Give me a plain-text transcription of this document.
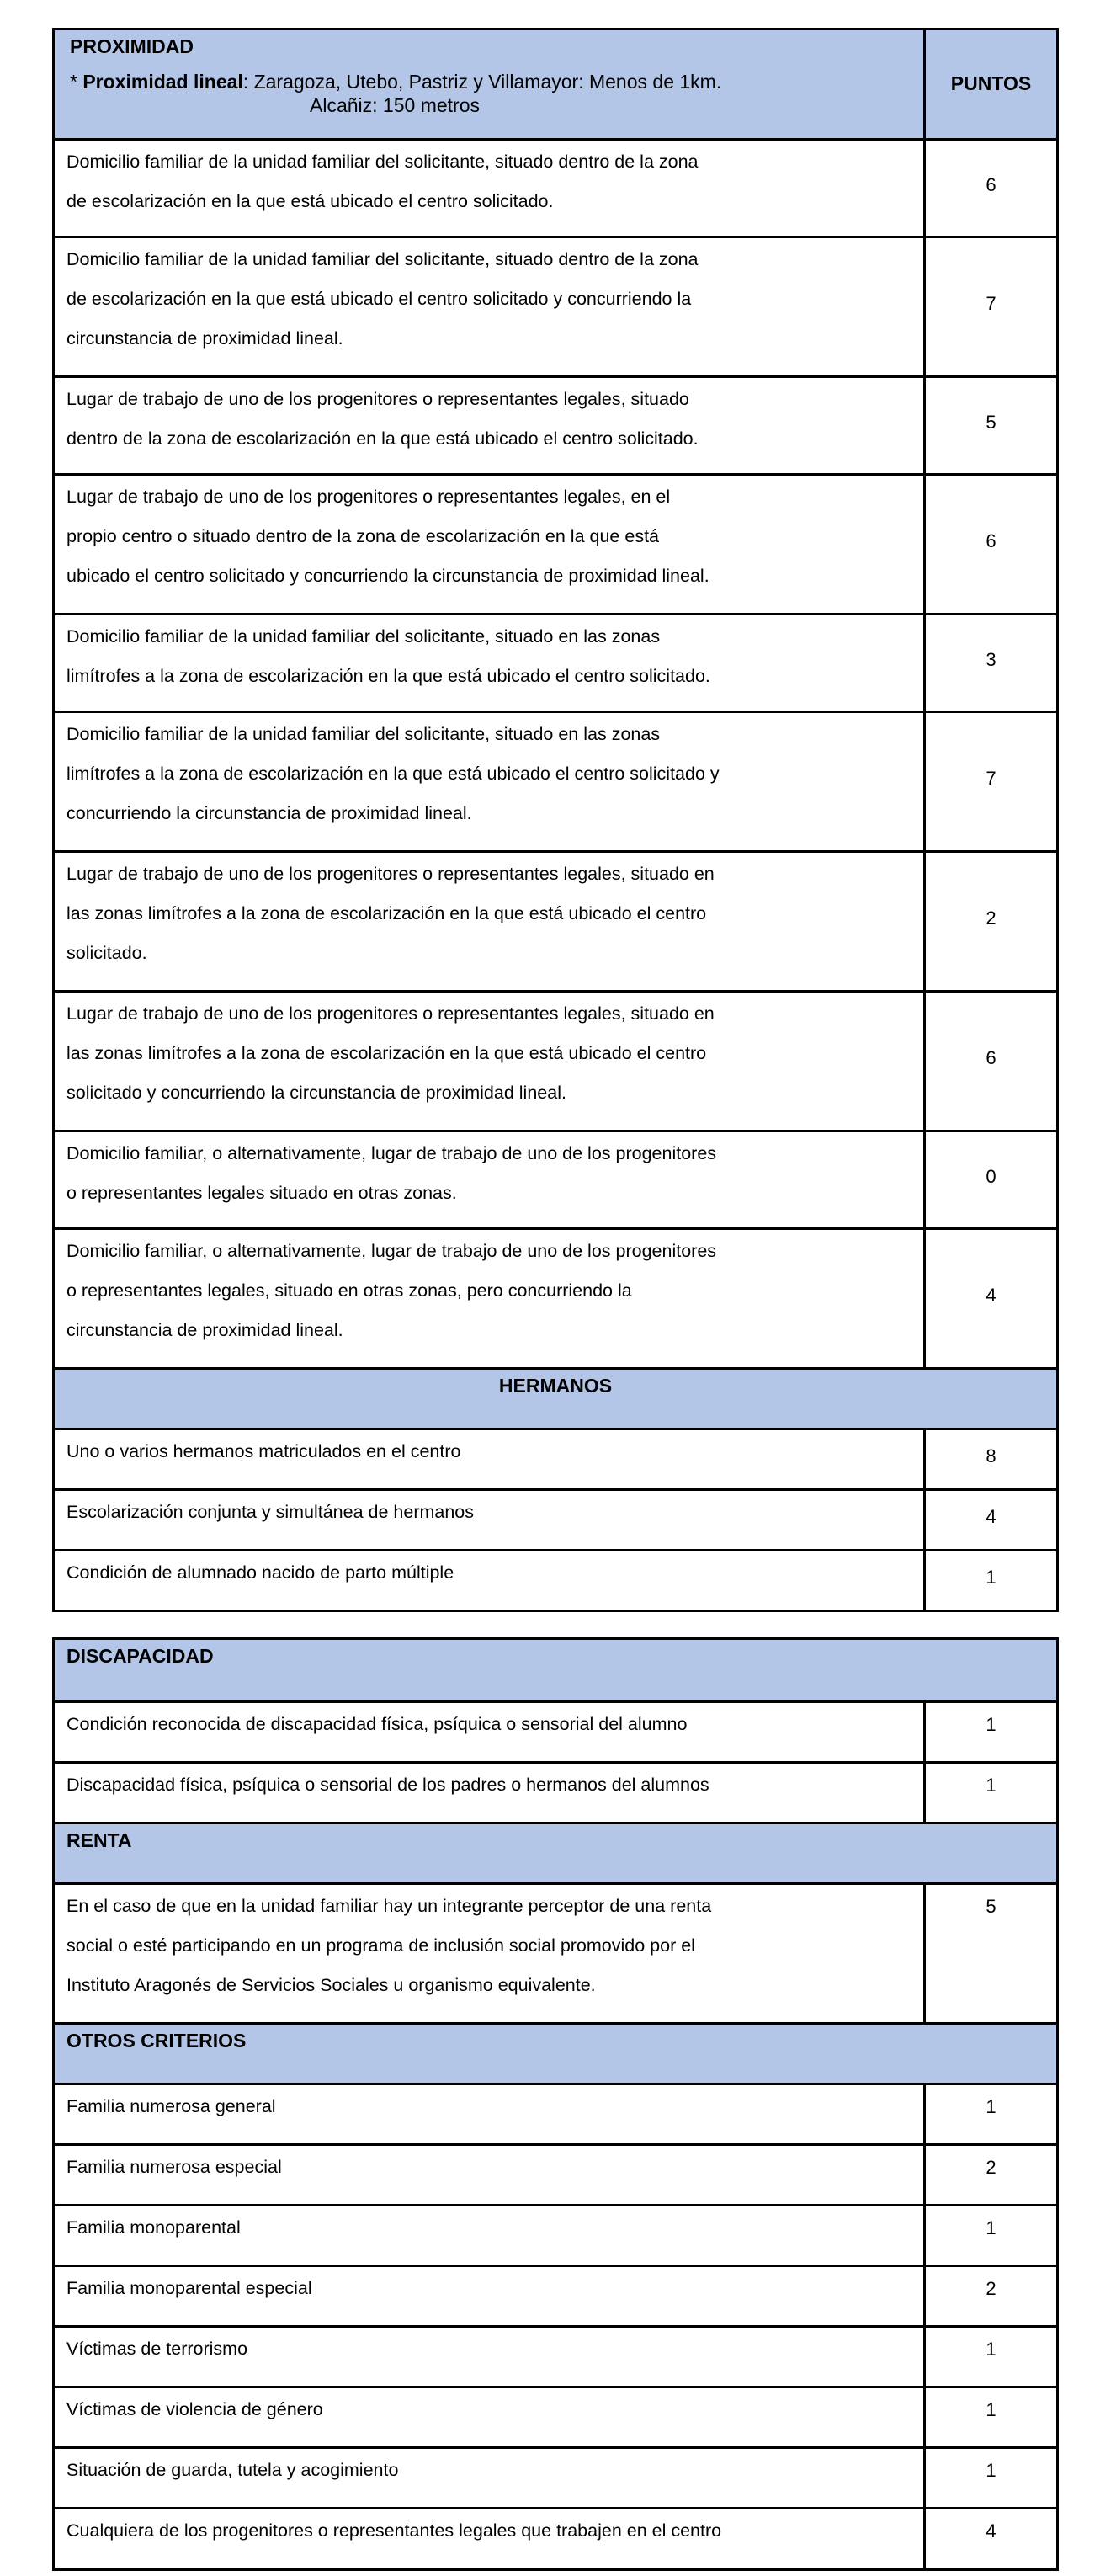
PROXIMIDAD
* Proximidad lineal: Zaragoza, Utebo, Pastriz y Villamayor: Menos de 1km.
Alcañiz: 150 metros
PUNTOS
Domicilio familiar de la unidad familiar del solicitante, situado dentro de la zona
de escolarización en la que está ubicado el centro solicitado.
6
Domicilio familiar de la unidad familiar del solicitante, situado dentro de la zona
de escolarización en la que está ubicado el centro solicitado y concurriendo la
circunstancia de proximidad lineal.
7
Lugar de trabajo de uno de los progenitores o representantes legales, situado
dentro de la zona de escolarización en la que está ubicado el centro solicitado.
5
Lugar de trabajo de uno de los progenitores o representantes legales, en el
propio centro o situado dentro de la zona de escolarización en la que está
ubicado el centro solicitado y concurriendo la circunstancia de proximidad lineal.
6
Domicilio familiar de la unidad familiar del solicitante, situado en las zonas
limítrofes a la zona de escolarización en la que está ubicado el centro solicitado.
3
Domicilio familiar de la unidad familiar del solicitante, situado en las zonas
limítrofes a la zona de escolarización en la que está ubicado el centro solicitado y
concurriendo la circunstancia de proximidad lineal.
7
Lugar de trabajo de uno de los progenitores o representantes legales, situado en
las zonas limítrofes a la zona de escolarización en la que está ubicado el centro
solicitado.
2
Lugar de trabajo de uno de los progenitores o representantes legales, situado en
las zonas limítrofes a la zona de escolarización en la que está ubicado el centro
solicitado y concurriendo la circunstancia de proximidad lineal.
6
Domicilio familiar, o alternativamente, lugar de trabajo de uno de los progenitores
o representantes legales situado en otras zonas.
0
Domicilio familiar, o alternativamente, lugar de trabajo de uno de los progenitores
o representantes legales, situado en otras zonas, pero concurriendo la
circunstancia de proximidad lineal.
4
HERMANOS
Uno o varios hermanos matriculados en el centro	8
Escolarización conjunta y simultánea de hermanos	4
Condición de alumnado nacido de parto múltiple	1
DISCAPACIDAD
Condición reconocida de discapacidad física, psíquica o sensorial del alumno	1
Discapacidad física, psíquica o sensorial de los padres o hermanos del alumnos	1
RENTA
En el caso de que en la unidad familiar hay un integrante perceptor de una renta
social o esté participando en un programa de inclusión social promovido por el
Instituto Aragonés de Servicios Sociales u organismo equivalente.
5
OTROS CRITERIOS
Familia numerosa general	1
Familia numerosa especial	2
Familia monoparental	1
Familia monoparental especial	2
Víctimas de terrorismo	1
Víctimas de violencia de género	1
Situación de guarda, tutela y acogimiento	1
Cualquiera de los progenitores o representantes legales que trabajen en el centro	4
